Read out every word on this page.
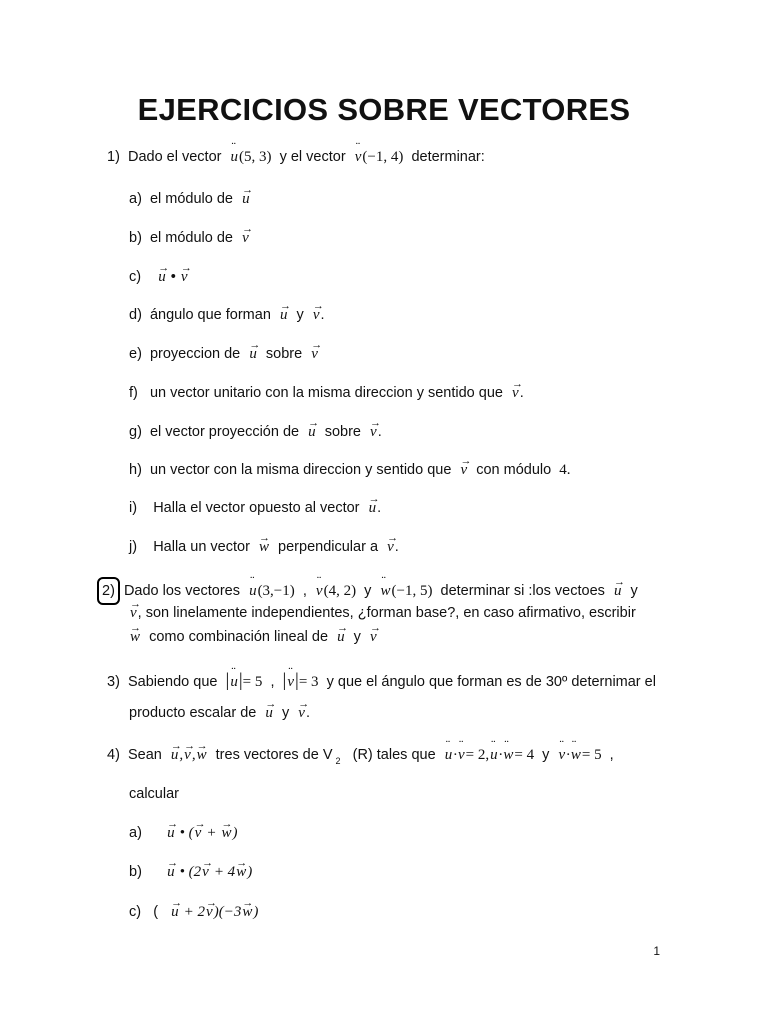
EJERCICIOS SOBRE VECTORES
1) Dado el vector ¨ u(5, 3) y el vector ¨ v(−1, 4) determinar:
a) el módulo de → u
b) el módulo de → v
c) → u • → v
d) ángulo que forman → u y → v.
e) proyeccion de → u sobre → v
f) un vector unitario con la misma direccion y sentido que → v.
g) el vector proyección de → u sobre → v.
h) un vector con la misma direccion y sentido que → v con módulo 4.
i) Halla el vector opuesto al vector → u.
j) Halla un vector → w perpendicular a → v.
2) Dado los vectores ¨ u(3,−1) , ¨ v(4, 2) y ¨ w(−1, 5) determinar si :los vectoes → u y
→ v, son linelamente independientes, ¿forman base?, en caso afirmativo, escribir
→ w como combinación lineal de → u y → v
3) Sabiendo que |¨ u|= 5 , |¨ v|= 3 y que el ángulo que forman es de 30º deternimar el
producto escalar de → u y → v.
4) Sean → u,→ v,→ w tres vectores de V $_2$ (R) tales que ¨ u·¨ v= 2,¨ u·¨ w= 4 y ¨ v·¨ w= 5 ,
calcular
a) → u • (→ v + → w)
b) → u • (2→ v + 4→ w)
c) ( → u + 2→ v)(−3→ w)
1
